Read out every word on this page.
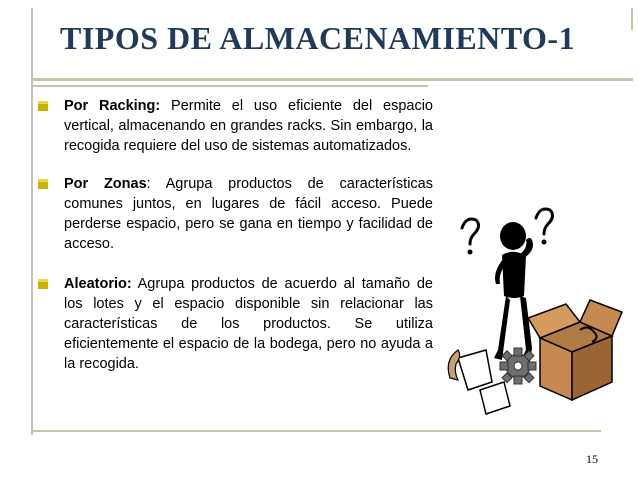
TIPOS DE ALMACENAMIENTO-1
Por Racking: Permite el uso eficiente del espacio vertical, almacenando en grandes racks. Sin embargo, la recogida requiere del uso de sistemas automatizados.
Por Zonas: Agrupa productos de características comunes juntos, en lugares de fácil acceso. Puede perderse espacio, pero se gana en tiempo y facilidad de acceso.
Aleatorio: Agrupa productos de acuerdo al tamaño de los lotes y el espacio disponible sin relacionar las características de los productos. Se utiliza eficientemente el espacio de la bodega, pero no ayuda a la recogida.
15
